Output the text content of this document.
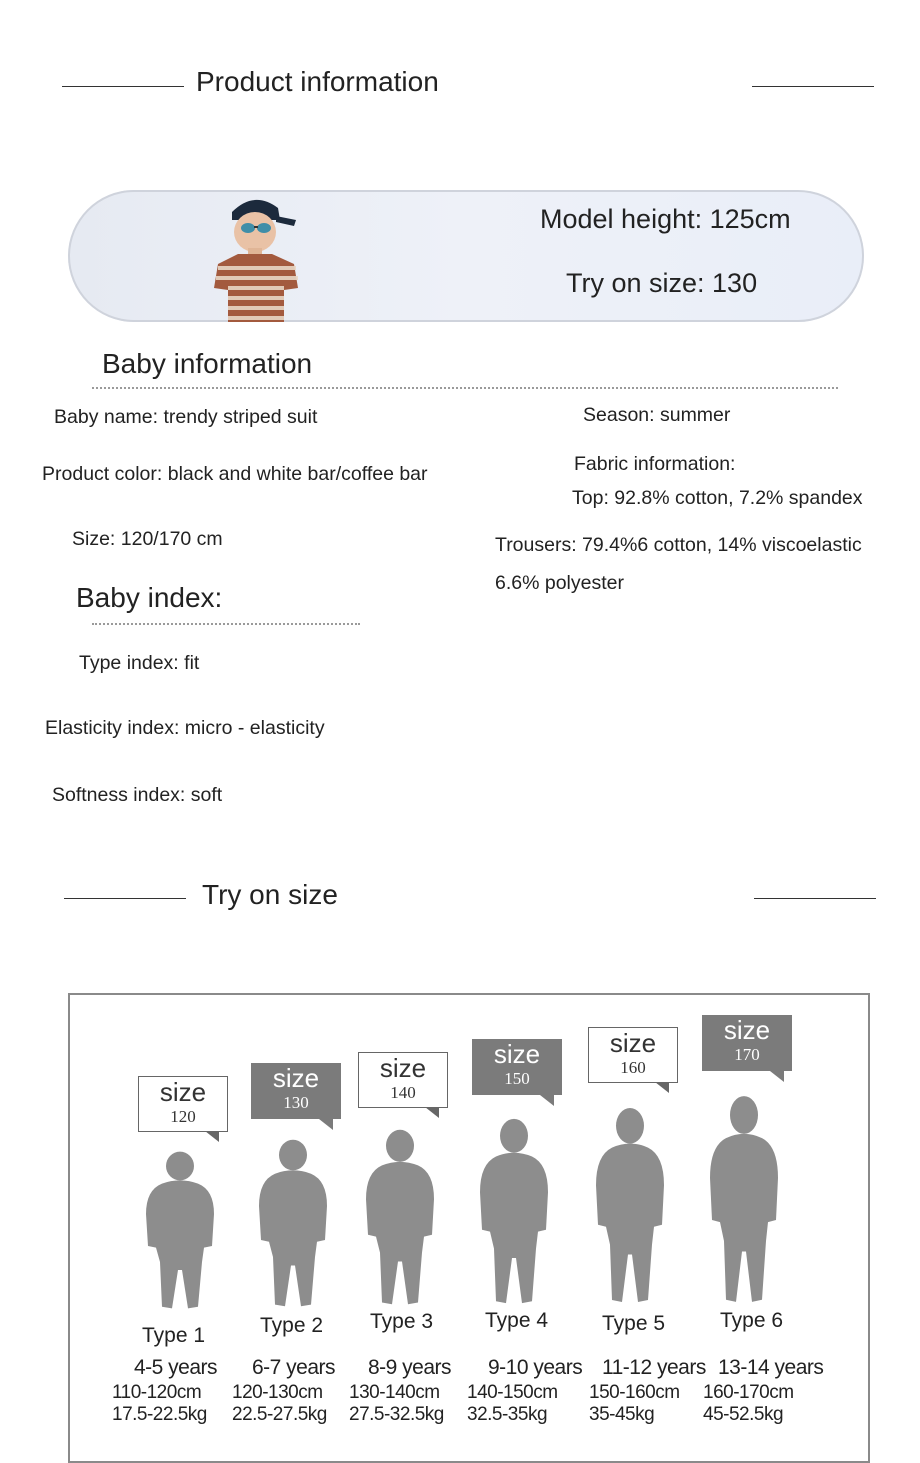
Product information
Model height: 125cm
Try on size: 130
Baby information
Baby name: trendy striped suit
Product color: black and white bar/coffee bar
Size: 120/170 cm
Season: summer
Fabric information:
Top: 92.8% cotton, 7.2% spandex
Trousers: 79.4%6 cotton, 14% viscoelastic
6.6% polyester
Baby index:
Type index: fit
Elasticity index: micro - elasticity
Softness index: soft
Try on size
size
120
Type 1
4-5 years
110-120cm
17.5-22.5kg
size
130
Type 2
6-7 years
120-130cm
22.5-27.5kg
size
140
Type 3
8-9 years
130-140cm
27.5-32.5kg
size
150
Type 4
9-10 years
140-150cm
32.5-35kg
size
160
Type 5
11-12 years
150-160cm
35-45kg
size
170
Type 6
13-14 years
160-170cm
45-52.5kg
